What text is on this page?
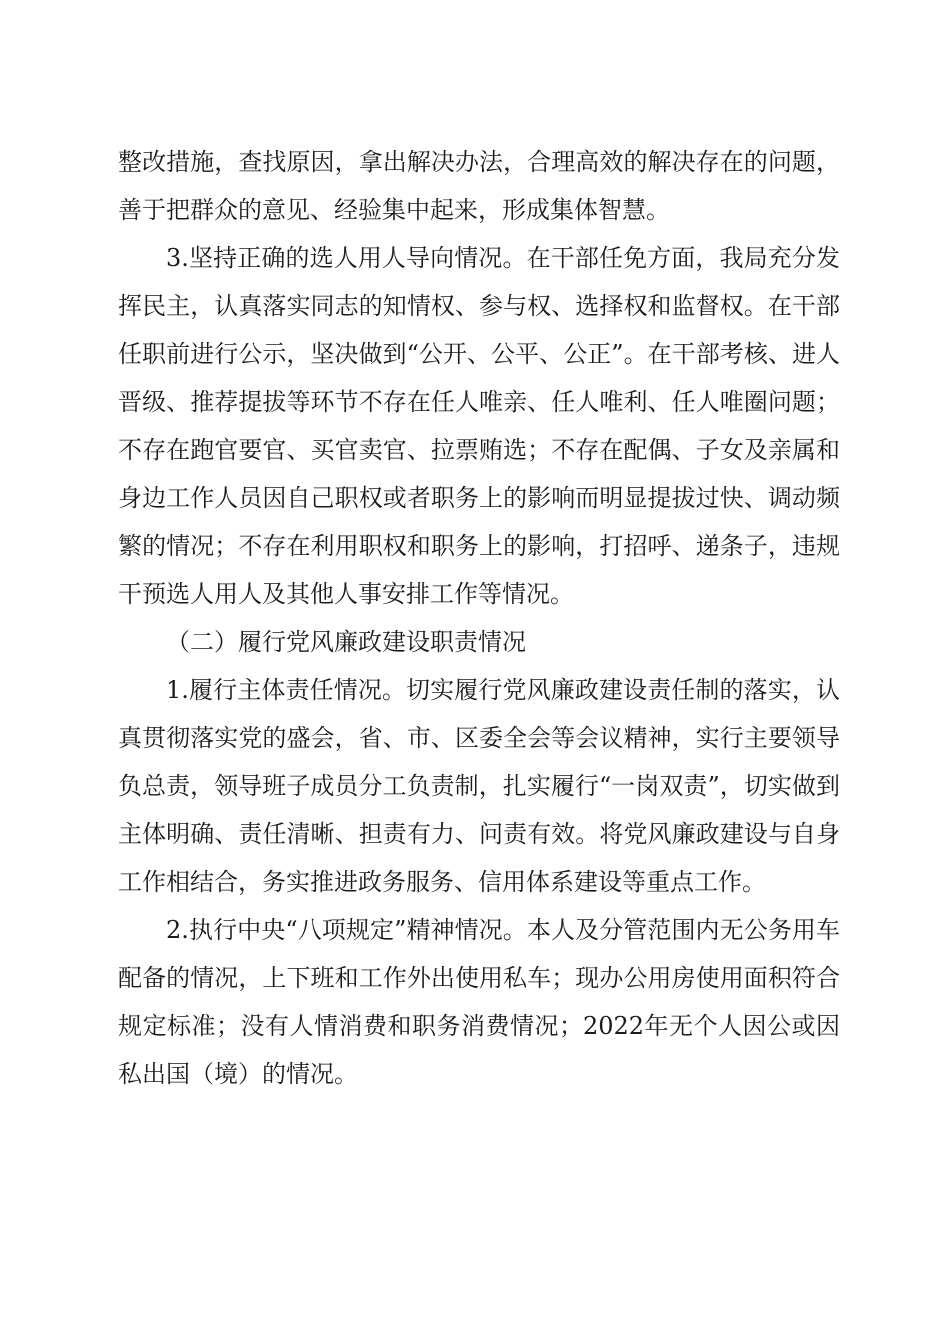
整改措施，查找原因，拿出解决办法，合理高效的解决存在的问题，善于把群众的意见、经验集中起来，形成集体智慧。

3.坚持正确的选人用人导向情况。在干部任免方面，我局充分发挥民主，认真落实同志的知情权、参与权、选择权和监督权。在干部任职前进行公示，坚决做到“公开、公平、公正”。在干部考核、进人晋级、推荐提拔等环节不存在任人唯亲、任人唯利、任人唯圈问题；不存在跑官要官、买官卖官、拉票贿选；不存在配偶、子女及亲属和身边工作人员因自己职权或者职务上的影响而明显提拔过快、调动频繁的情况；不存在利用职权和职务上的影响，打招呼、递条子，违规干预选人用人及其他人事安排工作等情况。

（二）履行党风廉政建设职责情况

1.履行主体责任情况。切实履行党风廉政建设责任制的落实，认真贯彻落实党的盛会，省、市、区委全会等会议精神，实行主要领导负总责，领导班子成员分工负责制，扎实履行“一岗双责”，切实做到主体明确、责任清晰、担责有力、问责有效。将党风廉政建设与自身工作相结合，务实推进政务服务、信用体系建设等重点工作。

2.执行中央“八项规定”精神情况。本人及分管范围内无公务用车配备的情况，上下班和工作外出使用私车；现办公用房使用面积符合规定标准；没有人情消费和职务消费情况；2022年无个人因公或因私出国（境）的情况。
